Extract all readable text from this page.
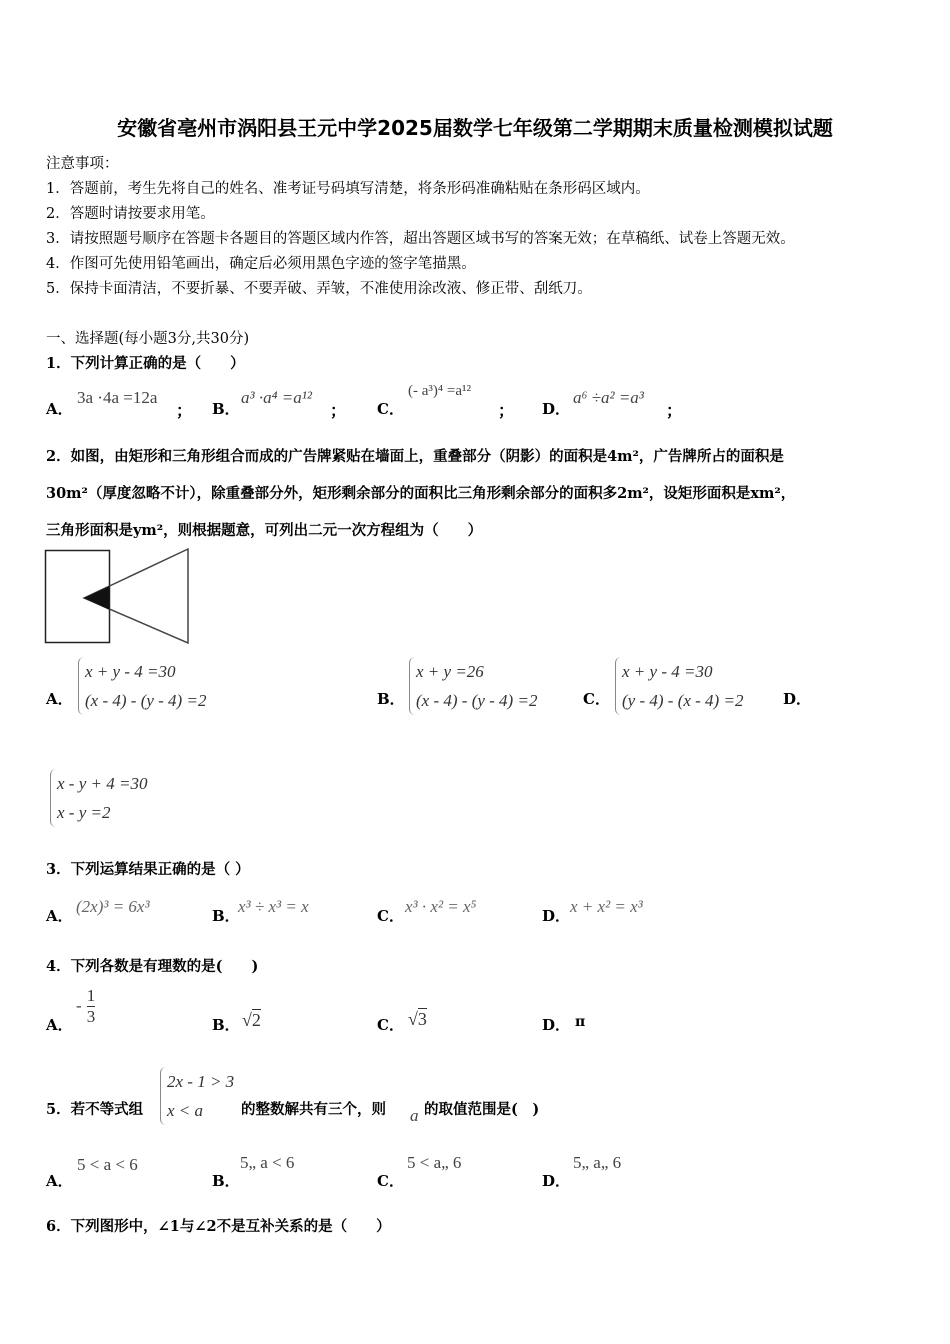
安徽省亳州市涡阳县王元中学2025届数学七年级第二学期期末质量检测模拟试题
注意事项：
1．答题前，考生先将自己的姓名、准考证号码填写清楚，将条形码准确粘贴在条形码区域内。
2．答题时请按要求用笔。
3．请按照题号顺序在答题卡各题目的答题区域内作答，超出答题区域书写的答案无效；在草稿纸、试卷上答题无效。
4．作图可先使用铅笔画出，确定后必须用黑色字迹的签字笔描黑。
5．保持卡面清洁，不要折暴、不要弄破、弄皱，不准使用涂改液、修正带、刮纸刀。
一、选择题(每小题3分,共30分)
1．下列计算正确的是（　　）
A．
3a ·4a =12a
； B．
a³ ·a⁴ =a¹²
； C．
(- a³)⁴ =a¹²
； D．
a⁶ ÷a² =a³
；
2．如图，由矩形和三角形组合而成的广告牌紧贴在墙面上，重叠部分（阴影）的面积是4m²，广告牌所占的面积是
30m²（厚度忽略不计），除重叠部分外，矩形剩余部分的面积比三角形剩余部分的面积多2m²，设矩形面积是xm²，
三角形面积是ym²，则根据题意，可列出二元一次方程组为（　　）
A．
x + y - 4 =30
(x - 4) - (y - 4) =2	B．
x + y =26
(x - 4) - (y - 4) =2	C．
x + y - 4 =30
(y - 4) - (x - 4) =2	D．
x - y + 4 =30
x - y =2
3．下列运算结果正确的是（ ）
A． (2x)³ = 6x³	B．
x³ ÷ x³ = x	C． x³ · x² = x⁵	D． x + x² = x³
4．下列各数是有理数的是(　　)
A．
- $\frac{1}{3}$	B． √2	C． √3	D． π
5．若不等式组
2x - 1 > 3
x < a	的整数解共有三个，则 a 的取值范围是(　)
A．
5 < a < 6
B．
5„ a < 6
C．
5 < a„ 6
D．
5„ a„ 6
6．下列图形中，∠1与∠2不是互补关系的是（　　）
